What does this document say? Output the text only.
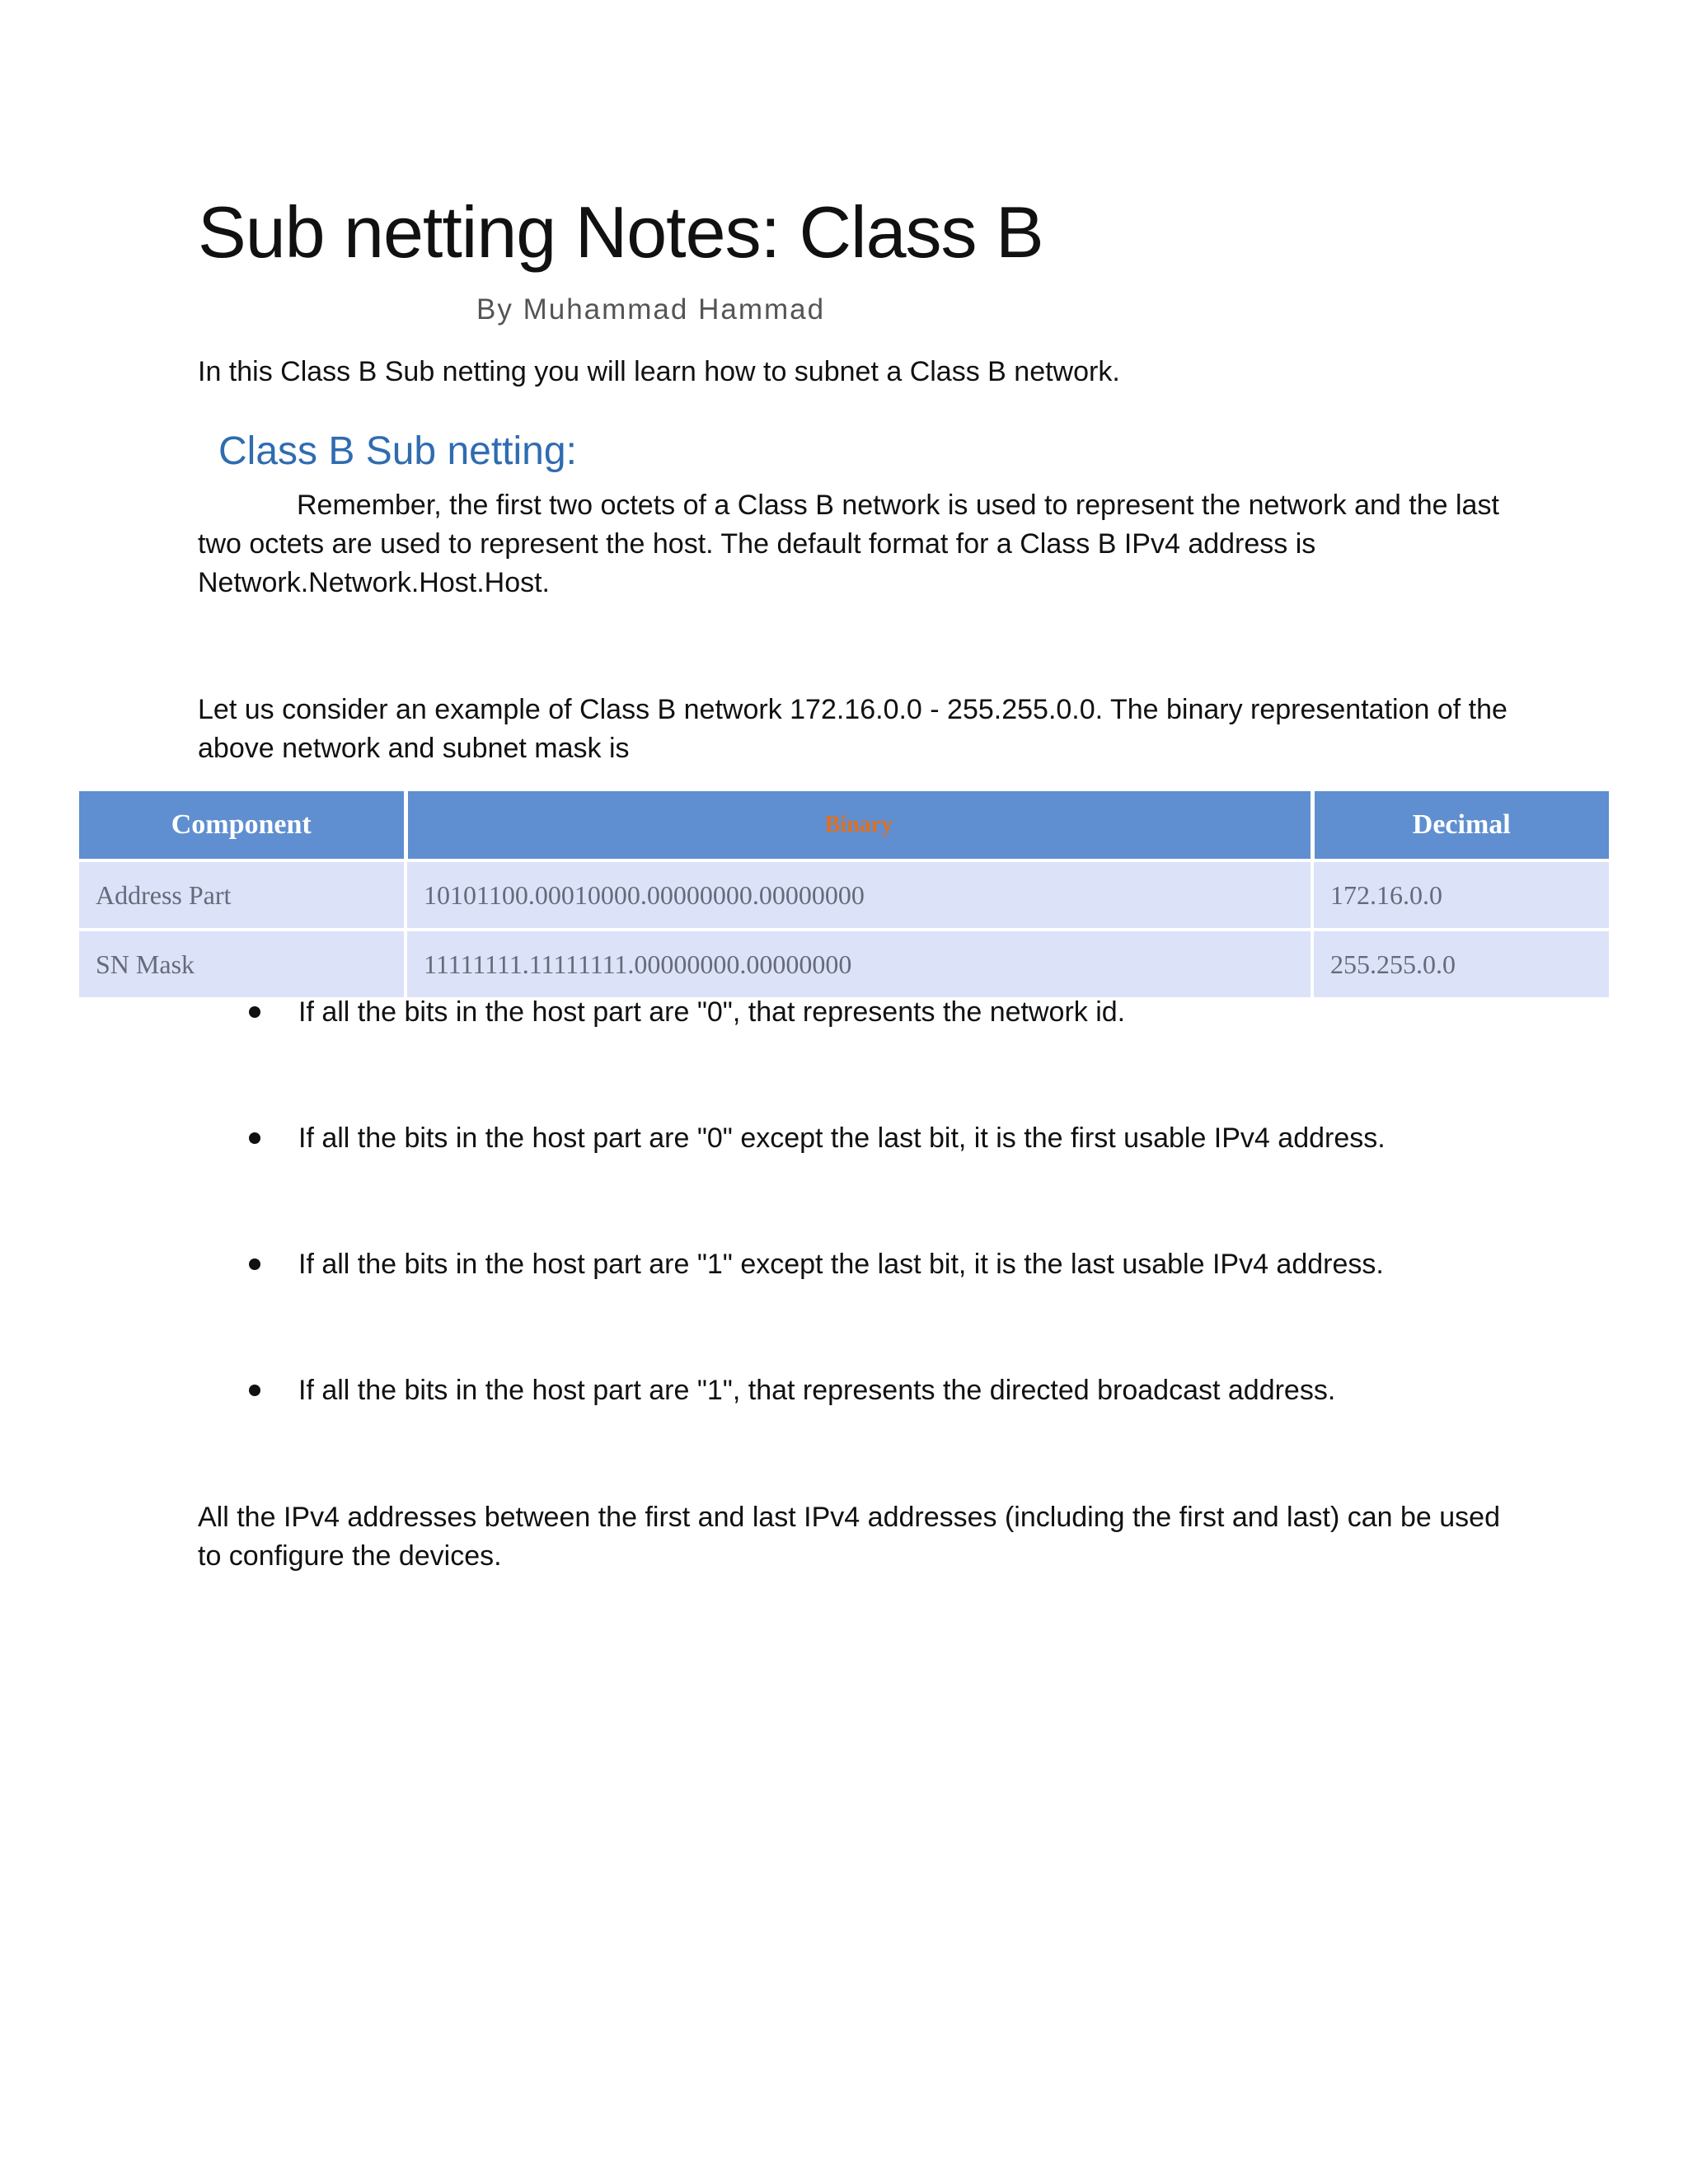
Sub netting Notes: Class B
By Muhammad Hammad
In this Class B Sub netting you will learn how to subnet a Class B network.
Class B Sub netting:
Remember, the first two octets of a Class B network is used to represent the network and the last two octets are used to represent the host. The default format for a Class B IPv4 address is Network.Network.Host.Host.
Let us consider an example of Class B network 172.16.0.0 - 255.255.0.0. The binary representation of the above network and subnet mask is
Component	Binary	Decimal
Address Part	10101100.00010000.00000000.00000000	172.16.0.0
SN Mask	11111111.11111111.00000000.00000000	255.255.0.0
If all the bits in the host part are "0", that represents the network id.
If all the bits in the host part are "0" except the last bit, it is the first usable IPv4 address.
If all the bits in the host part are "1" except the last bit, it is the last usable IPv4 address.
If all the bits in the host part are "1", that represents the directed broadcast address.
All the IPv4 addresses between the first and last IPv4 addresses (including the first and last) can be used to configure the devices.
